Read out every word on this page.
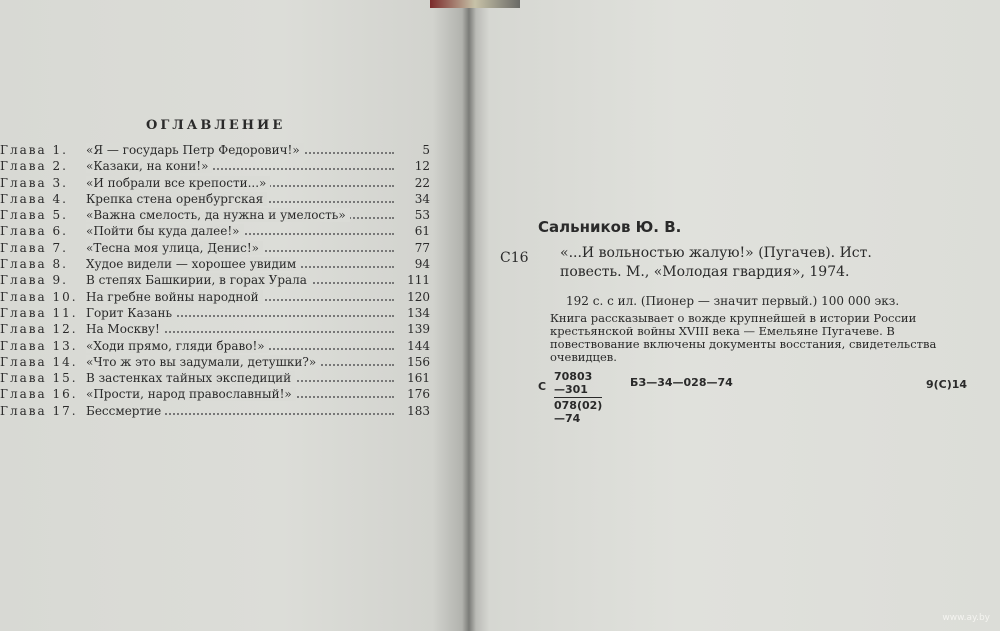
ОГЛАВЛЕНИЕ
Глава 1.	«Я — государь Петр Федорович!»	5
Глава 2.	«Казаки, на кони!»	12
Глава 3.	«И побрали все крепости...»	22
Глава 4.	Крепка стена оренбургская	34
Глава 5.	«Важна смелость, да нужна и умелость»	53
Глава 6.	«Пойти бы куда далее!»	61
Глава 7.	«Тесна моя улица, Денис!»	77
Глава 8.	Худое видели — хорошее увидим	94
Глава 9.	В степях Башкирии, в горах Урала	111
Глава 10. На гребне войны народной	120
Глава 11. Горит Казань	134
Глава 12. На Москву!	139
Глава 13. «Ходи прямо, гляди браво!»	144
Глава 14. «Что ж это вы задумали, детушки?»	156
Глава 15. В застенках тайных экспедиций	161
Глава 16. «Прости, народ православный!»	176
Глава 17. Бессмертие	183
Сальников Ю. В.
С16 «...И вольностью жалую!» (Пугачев). Ист. повесть. М., «Молодая гвардия», 1974.
192 с. с ил. (Пионер — значит первый.) 100 000 экз.
Книга рассказывает о вожде крупнейшей в истории России крестьянской войны XVIII века — Емельяне Пугачеве. В повествование включены документы восстания, свидетельства очевидцев.
С $\frac{70803—301}{078(02)—74}$	БЗ—34—028—74	9(С)14
www.ay.by
